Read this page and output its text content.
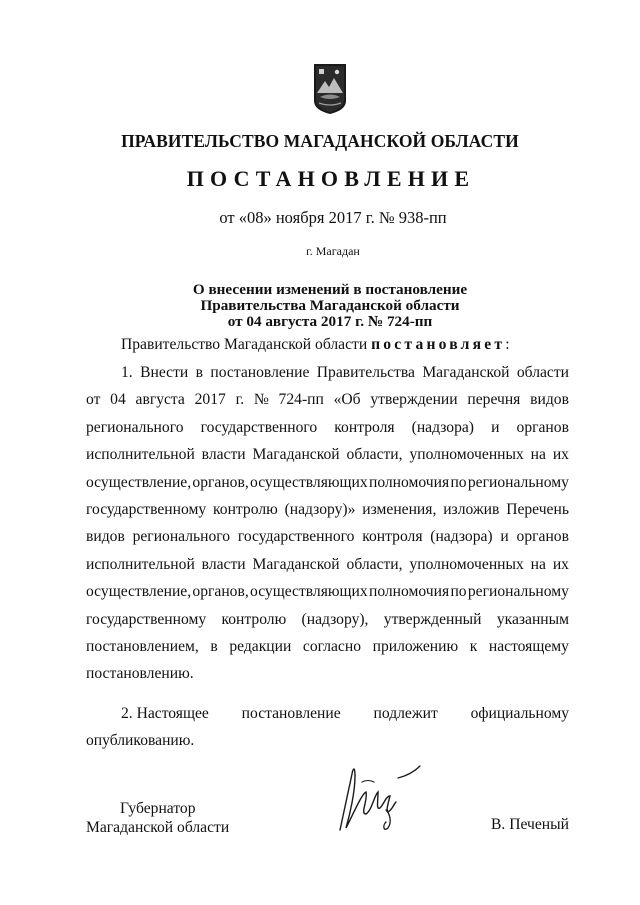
ПРАВИТЕЛЬСТВО МАГАДАНСКОЙ ОБЛАСТИ
ПОСТАНОВЛЕНИЕ
от «08» ноября 2017 г. № 938-пп
г. Магадан
О внесении изменений в постановление
Правительства Магаданской области
от 04 августа 2017 г. № 724-пп
Правительство Магаданской области постановляет:
1. Внести в постановление Правительства Магаданской области
от 04 августа 2017 г. № 724-пп «Об утверждении перечня видов
регионального государственного контроля (надзора) и органов
исполнительной власти Магаданской области, уполномоченных на их
осуществление, органов, осуществляющих полномочия по региональному
государственному контролю (надзору)» изменения, изложив Перечень
видов регионального государственного контроля (надзора) и органов
исполнительной власти Магаданской области, уполномоченных на их
осуществление, органов, осуществляющих полномочия по региональному
государственному контролю (надзору), утвержденный указанным
постановлением, в редакции согласно приложению к настоящему
постановлению.
2. Настоящее постановление подлежит официальному
опубликованию.
Губернатор
Магаданской области	В. Печеный
